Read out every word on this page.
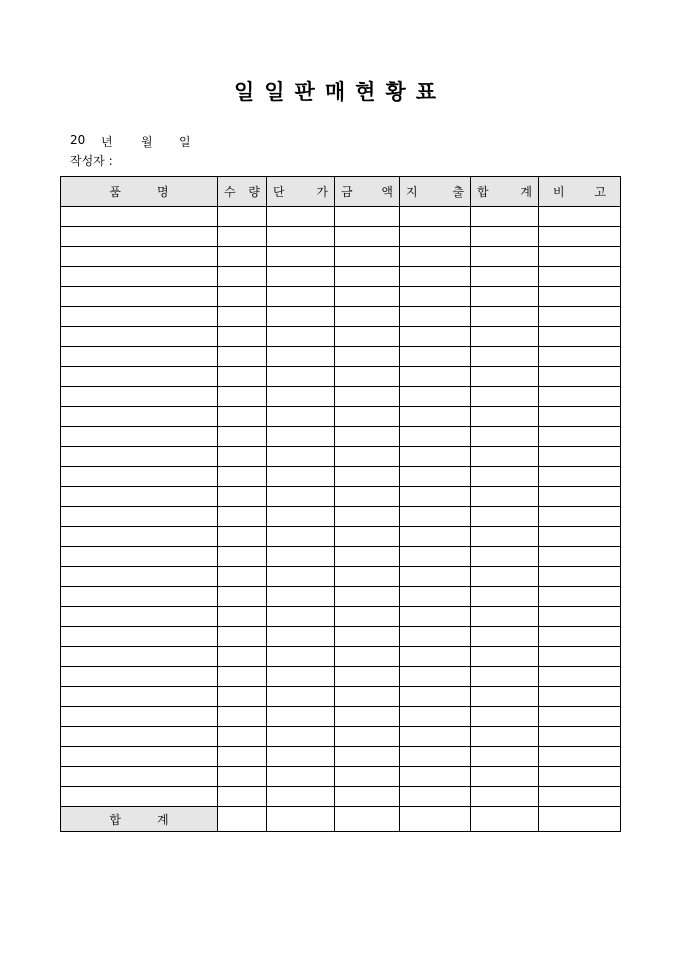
일일판매현황표
20	년	월	일
작성자 :
품 명	수 량	단 가	금 액	지 출	합 계	비 고

합 계						
